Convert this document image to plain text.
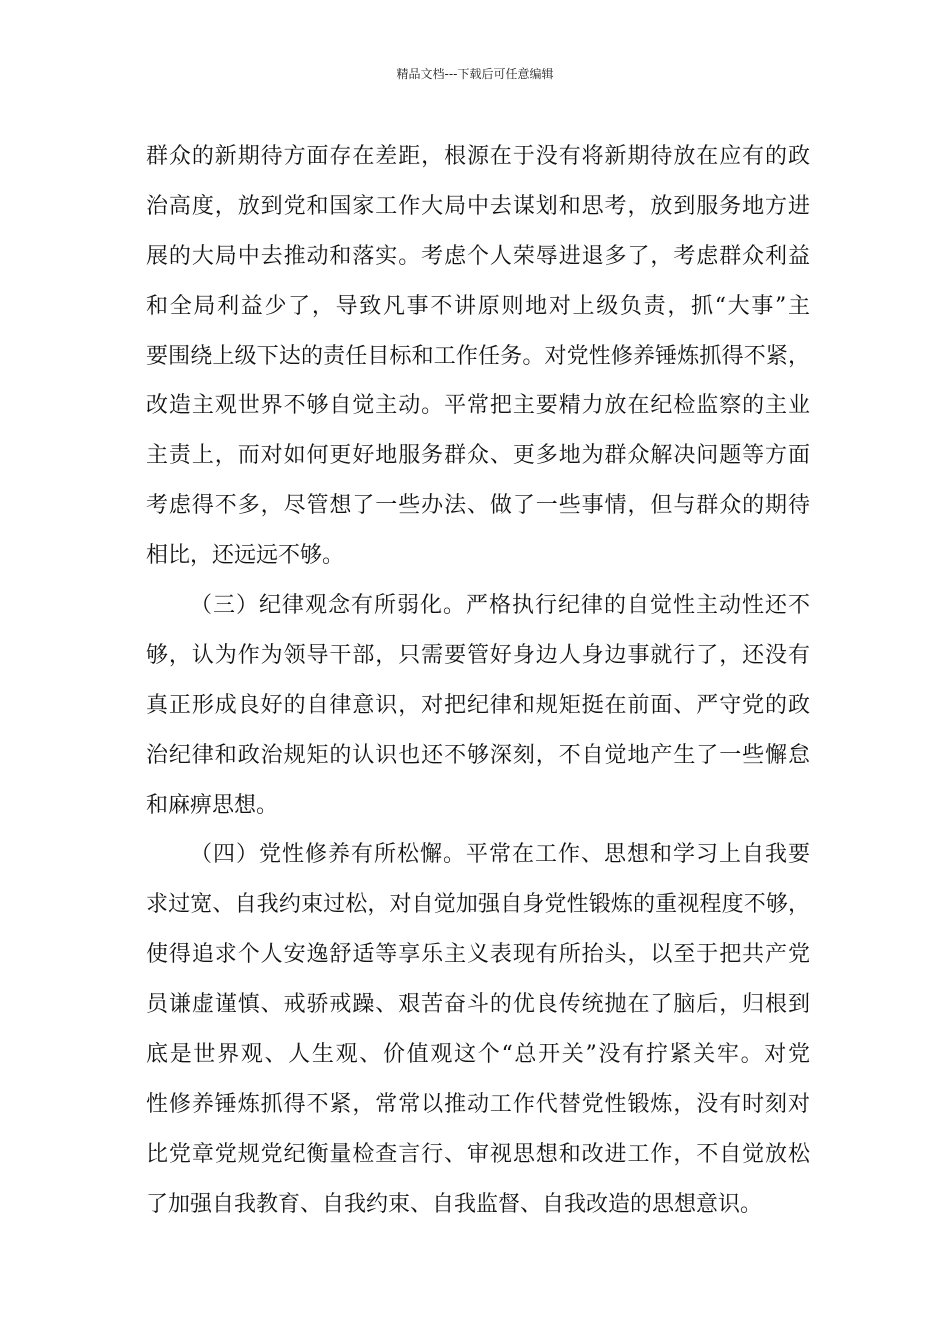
精品文档---下载后可任意编辑
群众的新期待方面存在差距，根源在于没有将新期待放在应有的政
治高度，放到党和国家工作大局中去谋划和思考，放到服务地方进
展的大局中去推动和落实。考虑个人荣辱进退多了，考虑群众利益
和全局利益少了，导致凡事不讲原则地对上级负责，抓“大事”主
要围绕上级下达的责任目标和工作任务。对党性修养锤炼抓得不紧，
改造主观世界不够自觉主动。平常把主要精力放在纪检监察的主业
主责上，而对如何更好地服务群众、更多地为群众解决问题等方面
考虑得不多，尽管想了一些办法、做了一些事情，但与群众的期待
相比，还远远不够。
（三）纪律观念有所弱化。严格执行纪律的自觉性主动性还不
够，认为作为领导干部，只需要管好身边人身边事就行了，还没有
真正形成良好的自律意识，对把纪律和规矩挺在前面、严守党的政
治纪律和政治规矩的认识也还不够深刻，不自觉地产生了一些懈怠
和麻痹思想。
（四）党性修养有所松懈。平常在工作、思想和学习上自我要
求过宽、自我约束过松，对自觉加强自身党性锻炼的重视程度不够，
使得追求个人安逸舒适等享乐主义表现有所抬头，以至于把共产党
员谦虚谨慎、戒骄戒躁、艰苦奋斗的优良传统抛在了脑后，归根到
底是世界观、人生观、价值观这个“总开关”没有拧紧关牢。对党
性修养锤炼抓得不紧，常常以推动工作代替党性锻炼，没有时刻对
比党章党规党纪衡量检查言行、审视思想和改进工作，不自觉放松
了加强自我教育、自我约束、自我监督、自我改造的思想意识。
